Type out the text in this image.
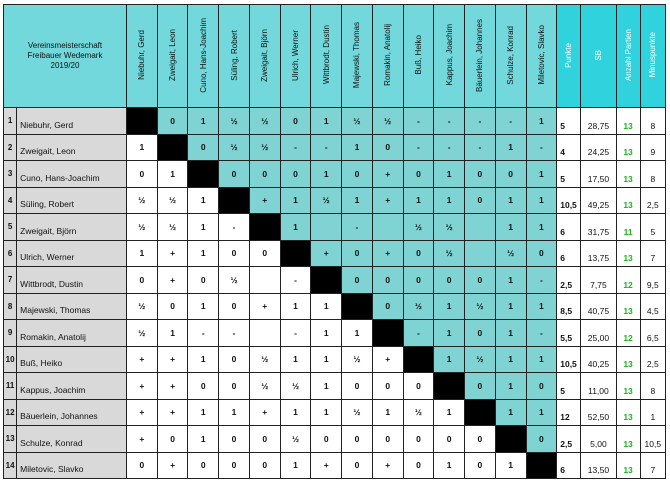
Vereinsmeisterschaft
Freibauer Wedemark
2019/20		Niebuhr, Gerd	Zweigait, Leon	Cuno, Hans-Joachim	Süling, Robert	Zweigait, Björn	Ulrich, Werner	Wittbrodt, Dustin	Majewski, Thomas	Romakin, Anatolij	Buß, Heiko	Kappus, Joachim	Bäuerlein, Johannes	Schulze, Konrad	Miletovic, Slavko	Punkte	SB	Anzahl Partien	Minuspunkte
1	Niebuhr, Gerd		0	1	½	½	0	1	½	½	-	-	-	-	1	5	28,75	13	8
2	Zweigait, Leon	1		0	½	½	-	-	1	0	-	-	-	1	-	4	24,25	13	9
3	Cuno, Hans-Joachim	0	1		0	0	0	1	0	+	0	1	0	0	1	5	17,50	13	8
4	Süling, Robert	½	½	1		+	1	½	1	+	1	1	0	1	1	10,5	49,25	13	2,5
5	Zweigait, Björn	½	½	1	-		1		-		½	½		1	1	6	31,75	11	5
6	Ulrich, Werner	1	+	1	0	0		+	0	+	0	½		½	0	6	13,75	13	7
7	Wittbrodt, Dustin	0	+	0	½		-		0	0	0	0	0	1	-	2,5	7,75	12	9,5
8	Majewski, Thomas	½	0	1	0	+	1	1		0	½	1	½	1	1	8,5	40,75	13	4,5
9	Romakin, Anatolij	½	1	-	-		-	1	1		-	1	0	1	-	5,5	25,00	12	6,5
10	Buß, Heiko	+	+	1	0	½	1	1	½	+		1	½	1	1	10,5	40,25	13	2,5
11	Kappus, Joachim	+	+	0	0	½	½	1	0	0	0		0	1	0	5	11,00	13	8
12	Bäuerlein, Johannes	+	+	1	1	+	1	1	½	1	½	1		1	1	12	52,50	13	1
13	Schulze, Konrad	+	0	1	0	0	½	0	0	0	0	0	0		0	2,5	5,00	13	10,5
14	Miletovic, Slavko	0	+	0	0	0	1	+	0	+	0	1	0	1		6	13,50	13	7
